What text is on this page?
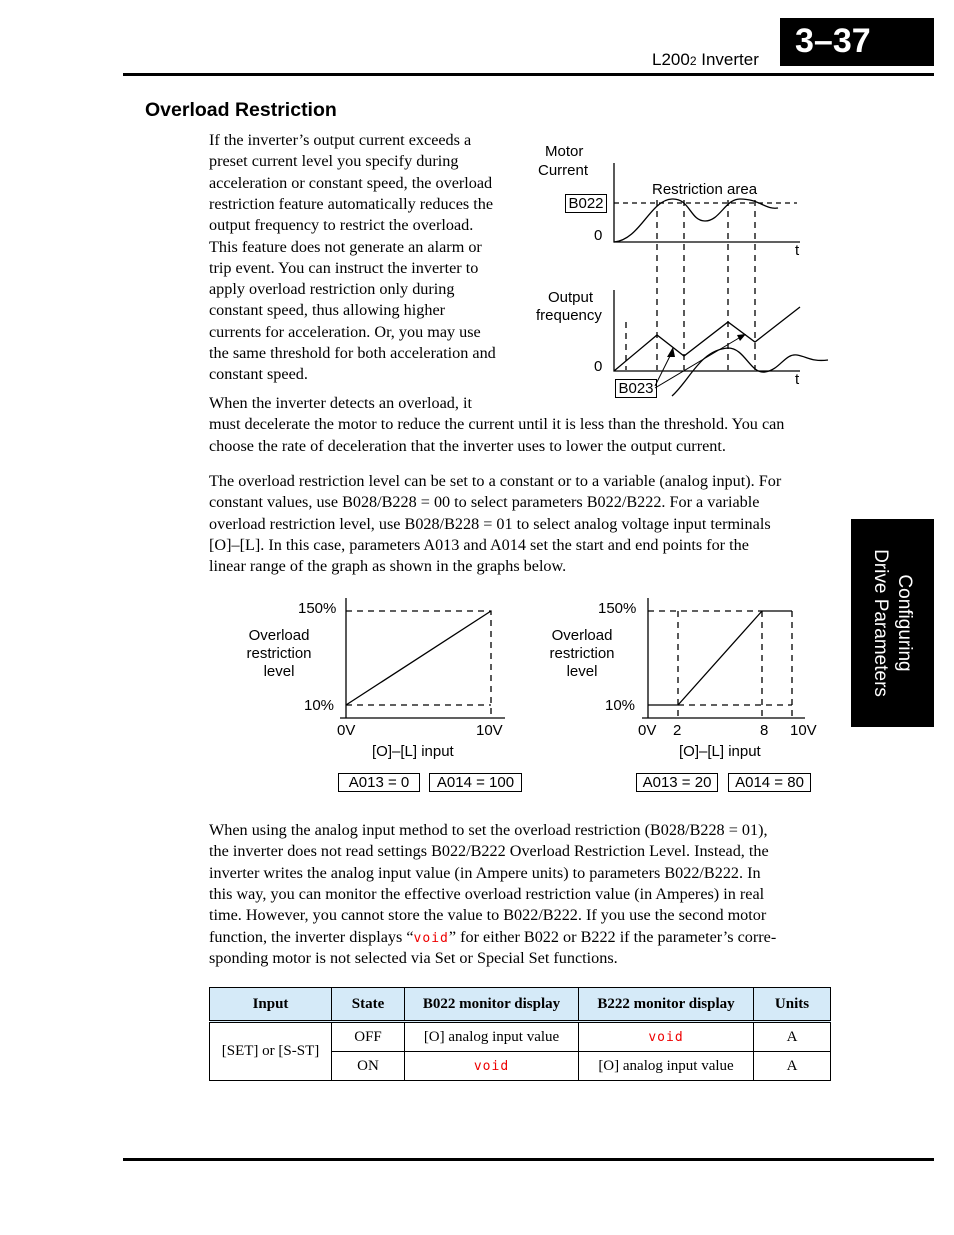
L2002 Inverter	3–37
Configuring
Drive Parameters
Overload Restriction
If the inverter’s output current exceeds a
preset current level you specify during
acceleration or constant speed, the overload
restriction feature automatically reduces the
output frequency to restrict the overload.
This feature does not generate an alarm or
trip event. You can instruct the inverter to
apply overload restriction only during
constant speed, thus allowing higher
currents for acceleration. Or, you may use
the same threshold for both acceleration and
constant speed.
When the inverter detects an overload, it
must decelerate the motor to reduce the current until it is less than the threshold. You can
choose the rate of deceleration that the inverter uses to lower the output current.
The overload restriction level can be set to a constant or to a variable (analog input). For
constant values, use B028/B228 = 00 to select parameters B022/B222. For a variable
overload restriction level, use B028/B228 = 01 to select analog voltage input terminals
[O]–[L]. In this case, parameters A013 and A014 set the start and end points for the
linear range of the graph as shown in the graphs below.
When using the analog input method to set the overload restriction (B028/B228 = 01),
the inverter does not read settings B022/B222 Overload Restriction Level. Instead, the
inverter writes the analog input value (in Ampere units) to parameters B022/B222. In
this way, you can monitor the effective overload restriction value (in Amperes) in real
time. However, you cannot store the value to B022/B222. If you use the second motor
function, the inverter displays “void” for either B022 or B222 if the parameter’s corre-
sponding motor is not selected via Set or Special Set functions.
Motor
Current
Restriction area
B022
0
t
Output
frequency
0
t
B023
150%
Overload
restriction
level
10%
0V	10V
[O]–[L] input
A013 = 0	A014 = 100
150%
Overload
restriction
level
10%
0V 2	8 10V
[O]–[L] input
A013 = 20	A014 = 80
Input	State	B022 monitor display	B222 monitor display	Units
[SET] or [S-ST]	OFF	[O] analog input value	void	A
	ON	void	[O] analog input value	A
